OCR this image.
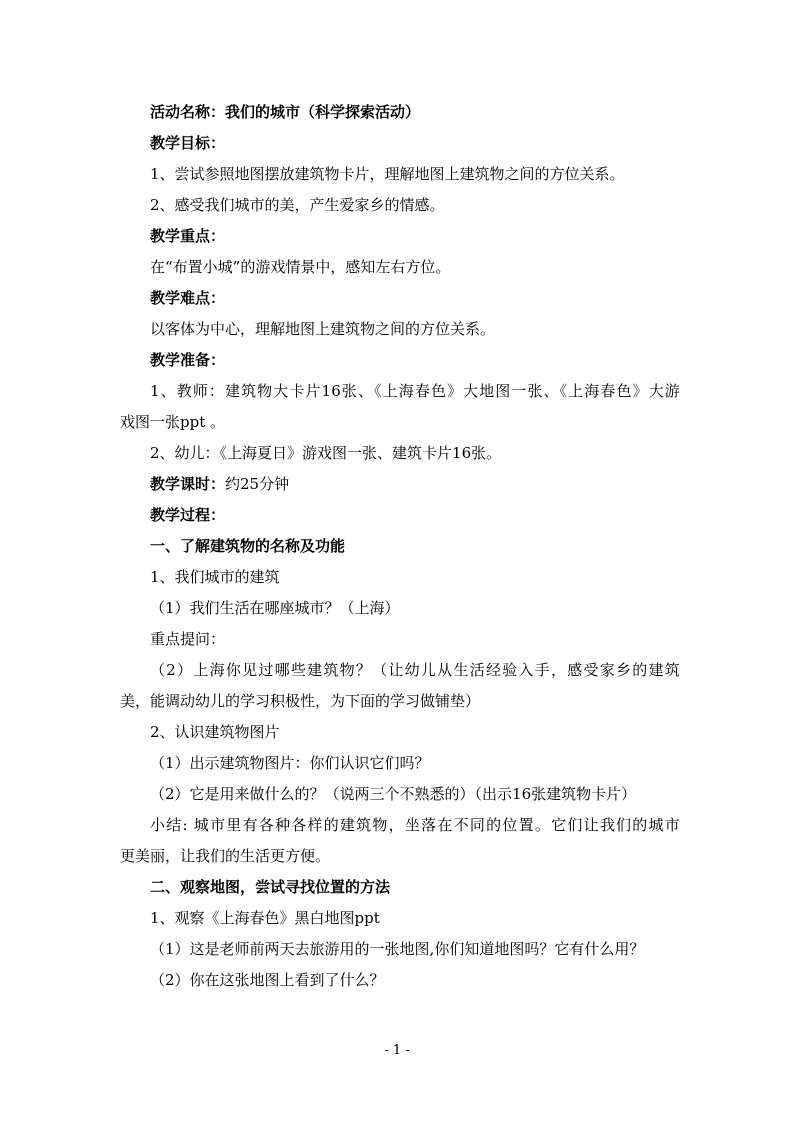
活动名称：我们的城市（科学探索活动）
教学目标：
1、尝试参照地图摆放建筑物卡片，理解地图上建筑物之间的方位关系。
2、感受我们城市的美，产生爱家乡的情感。
教学重点：
在“布置小城”的游戏情景中，感知左右方位。
教学难点：
以客体为中心，理解地图上建筑物之间的方位关系。
教学准备：
1、教师：建筑物大卡片16张、《上海春色》大地图一张、《上海春色》大游
戏图一张ppt 。
2、幼儿：《上海夏日》游戏图一张、建筑卡片16张。
教学课时：约25分钟
教学过程：
一、了解建筑物的名称及功能
1、我们城市的建筑
（1）我们生活在哪座城市？（上海）
重点提问：
（2）上海你见过哪些建筑物？（让幼儿从生活经验入手，感受家乡的建筑
美，能调动幼儿的学习积极性，为下面的学习做铺垫）
2、认识建筑物图片
（1）出示建筑物图片：你们认识它们吗？
（2）它是用来做什么的？（说两三个不熟悉的）（出示16张建筑物卡片）
小结: 城市里有各种各样的建筑物，坐落在不同的位置。它们让我们的城市
更美丽，让我们的生活更方便。
二、观察地图，尝试寻找位置的方法
1、观察《上海春色》黑白地图ppt
（1）这是老师前两天去旅游用的一张地图,你们知道地图吗？它有什么用？
（2）你在这张地图上看到了什么？
- 1 -
